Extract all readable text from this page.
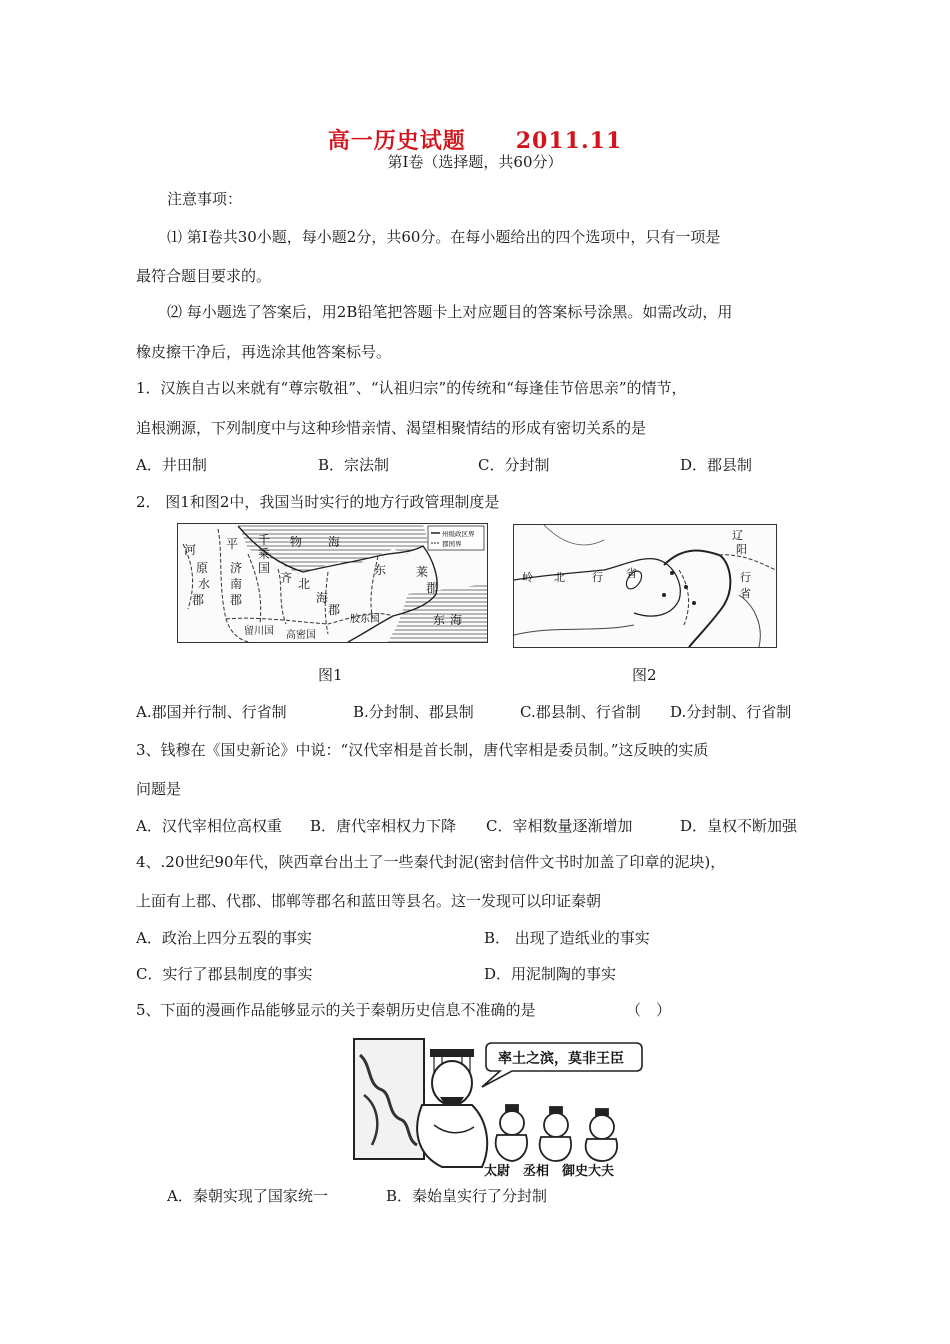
高一历史试题 2011.11
第Ⅰ卷（选择题，共60分）
注意事项：
⑴ 第Ⅰ卷共30小题，每小题2分，共60分。在每小题给出的四个选项中，只有一项是
最符合题目要求的。
⑵ 每小题选了答案后，用2B铅笔把答题卡上对应题目的答案标号涂黑。如需改动，用
橡皮擦干净后，再选涂其他答案标号。
1．汉族自古以来就有“尊宗敬祖”、“认祖归宗”的传统和“每逢佳节倍思亲”的情节，
追根溯源，下列制度中与这种珍惜亲情、渴望相聚情结的形成有密切关系的是
A．井田制	B．宗法制	C．分封制	D．郡县制
2． 图1和图2中，我国当时实行的地方行政管理制度是
州级政区界
郡国界
河 平 千
乘
国
物 海
原 济
南
郡
齐 北
海
郡
东 莱
郡
水
郡
胶东国	东 海
留川国 高密国
辽
阳
行
省
岭 北 行 省
图1	图2
A.郡国并行制、行省制	B.分封制、郡县制	C.郡县制、行省制 D.分封制、行省制
3、钱穆在《国史新论》中说：“汉代宰相是首长制，唐代宰相是委员制。”这反映的实质
问题是
A．汉代宰相位高权重 B．唐代宰相权力下降 C．宰相数量逐渐增加	D．皇权不断加强
4、.20世纪90年代，陕西章台出土了一些秦代封泥(密封信件文书时加盖了印章的泥块)，
上面有上郡、代郡、邯郸等郡名和蓝田等县名。这一发现可以印证秦朝
A．政治上四分五裂的事实	B． 出现了造纸业的事实
C．实行了郡县制度的事实	D．用泥制陶的事实
5、下面的漫画作品能够显示的关于秦朝历史信息不准确的是	（　）
率土之滨，莫非王臣
太尉　丞相　御史大夫
A．秦朝实现了国家统一	B．秦始皇实行了分封制
